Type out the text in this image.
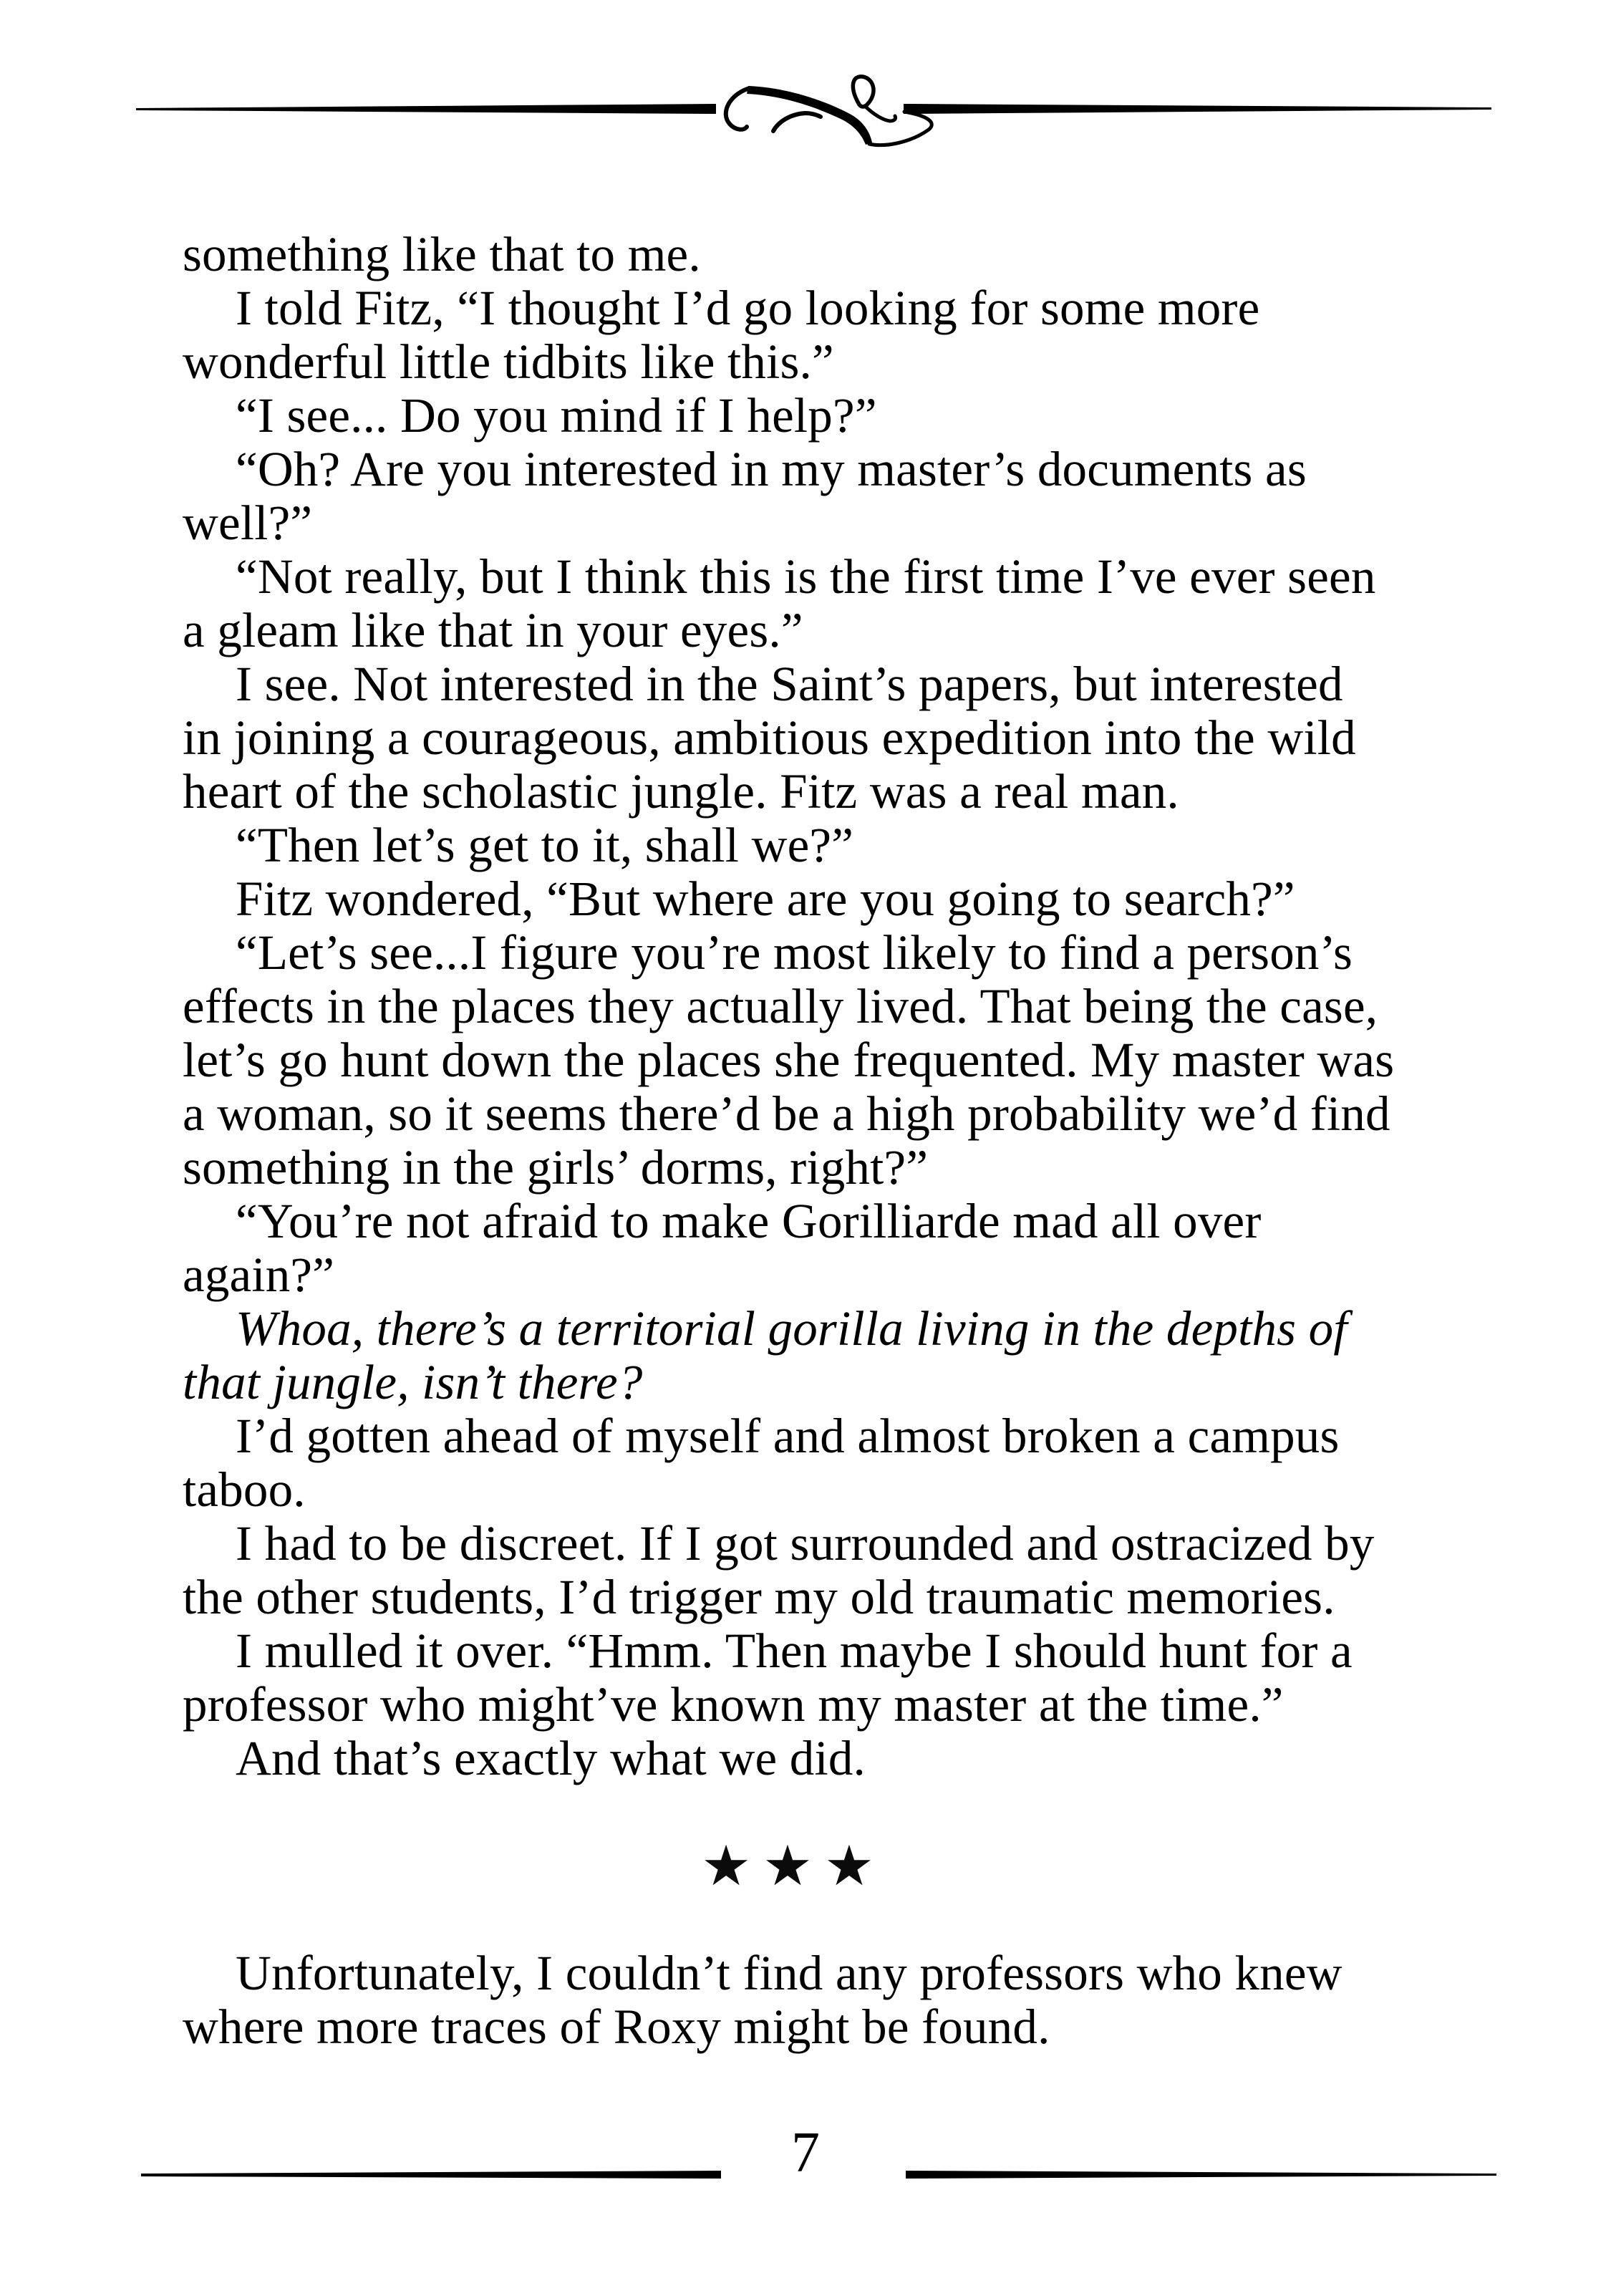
something like that to me.
I told Fitz, “I thought I’d go looking for some more
wonderful little tidbits like this.”
“I see... Do you mind if I help?”
“Oh? Are you interested in my master’s documents as
well?”
“Not really, but I think this is the first time I’ve ever seen
a gleam like that in your eyes.”
I see. Not interested in the Saint’s papers, but interested
in joining a courageous, ambitious expedition into the wild
heart of the scholastic jungle. Fitz was a real man.
“Then let’s get to it, shall we?”
Fitz wondered, “But where are you going to search?”
“Let’s see...I figure you’re most likely to find a person’s
effects in the places they actually lived. That being the case,
let’s go hunt down the places she frequented. My master was
a woman, so it seems there’d be a high probability we’d find
something in the girls’ dorms, right?”
“You’re not afraid to make Gorilliarde mad all over
again?”
Whoa, there’s a territorial gorilla living in the depths of
that jungle, isn’t there?
I’d gotten ahead of myself and almost broken a campus
taboo.
I had to be discreet. If I got surrounded and ostracized by
the other students, I’d trigger my old traumatic memories.
I mulled it over. “Hmm. Then maybe I should hunt for a
professor who might’ve known my master at the time.”
And that’s exactly what we did.
★★★
Unfortunately, I couldn’t find any professors who knew
where more traces of Roxy might be found.
7
